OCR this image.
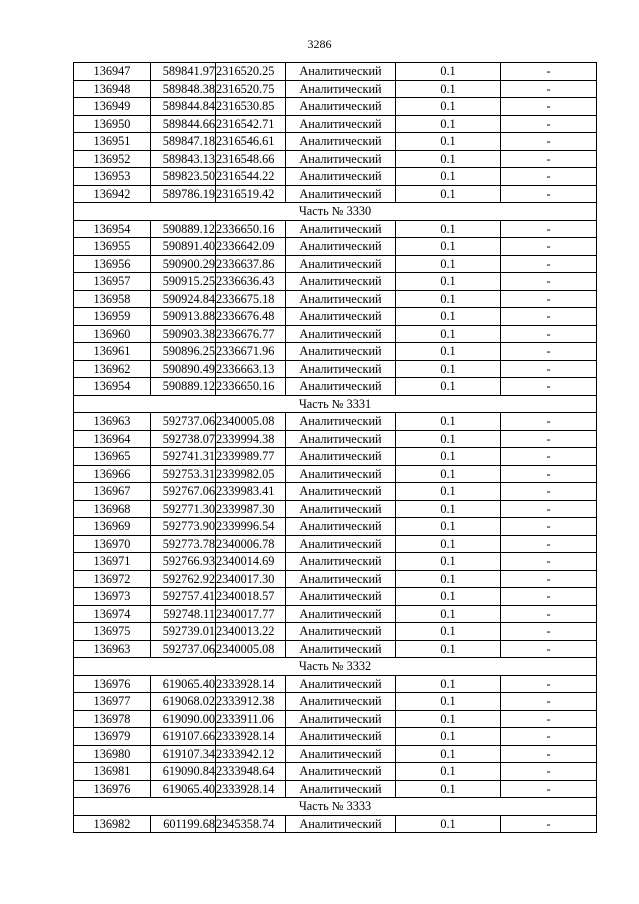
3286
136947	589841.97	2316520.25	Аналитический	0.1	-
136948	589848.38	2316520.75	Аналитический	0.1	-
136949	589844.84	2316530.85	Аналитический	0.1	-
136950	589844.66	2316542.71	Аналитический	0.1	-
136951	589847.18	2316546.61	Аналитический	0.1	-
136952	589843.13	2316548.66	Аналитический	0.1	-
136953	589823.50	2316544.22	Аналитический	0.1	-
136942	589786.19	2316519.42	Аналитический	0.1	-
Часть № 3330					
136954	590889.12	2336650.16	Аналитический	0.1	-
136955	590891.40	2336642.09	Аналитический	0.1	-
136956	590900.29	2336637.86	Аналитический	0.1	-
136957	590915.25	2336636.43	Аналитический	0.1	-
136958	590924.84	2336675.18	Аналитический	0.1	-
136959	590913.88	2336676.48	Аналитический	0.1	-
136960	590903.38	2336676.77	Аналитический	0.1	-
136961	590896.25	2336671.96	Аналитический	0.1	-
136962	590890.49	2336663.13	Аналитический	0.1	-
136954	590889.12	2336650.16	Аналитический	0.1	-
Часть № 3331					
136963	592737.06	2340005.08	Аналитический	0.1	-
136964	592738.07	2339994.38	Аналитический	0.1	-
136965	592741.31	2339989.77	Аналитический	0.1	-
136966	592753.31	2339982.05	Аналитический	0.1	-
136967	592767.06	2339983.41	Аналитический	0.1	-
136968	592771.30	2339987.30	Аналитический	0.1	-
136969	592773.90	2339996.54	Аналитический	0.1	-
136970	592773.78	2340006.78	Аналитический	0.1	-
136971	592766.93	2340014.69	Аналитический	0.1	-
136972	592762.92	2340017.30	Аналитический	0.1	-
136973	592757.41	2340018.57	Аналитический	0.1	-
136974	592748.11	2340017.77	Аналитический	0.1	-
136975	592739.01	2340013.22	Аналитический	0.1	-
136963	592737.06	2340005.08	Аналитический	0.1	-
Часть № 3332					
136976	619065.40	2333928.14	Аналитический	0.1	-
136977	619068.02	2333912.38	Аналитический	0.1	-
136978	619090.00	2333911.06	Аналитический	0.1	-
136979	619107.66	2333928.14	Аналитический	0.1	-
136980	619107.34	2333942.12	Аналитический	0.1	-
136981	619090.84	2333948.64	Аналитический	0.1	-
136976	619065.40	2333928.14	Аналитический	0.1	-
Часть № 3333					
136982	601199.68	2345358.74	Аналитический	0.1	-
